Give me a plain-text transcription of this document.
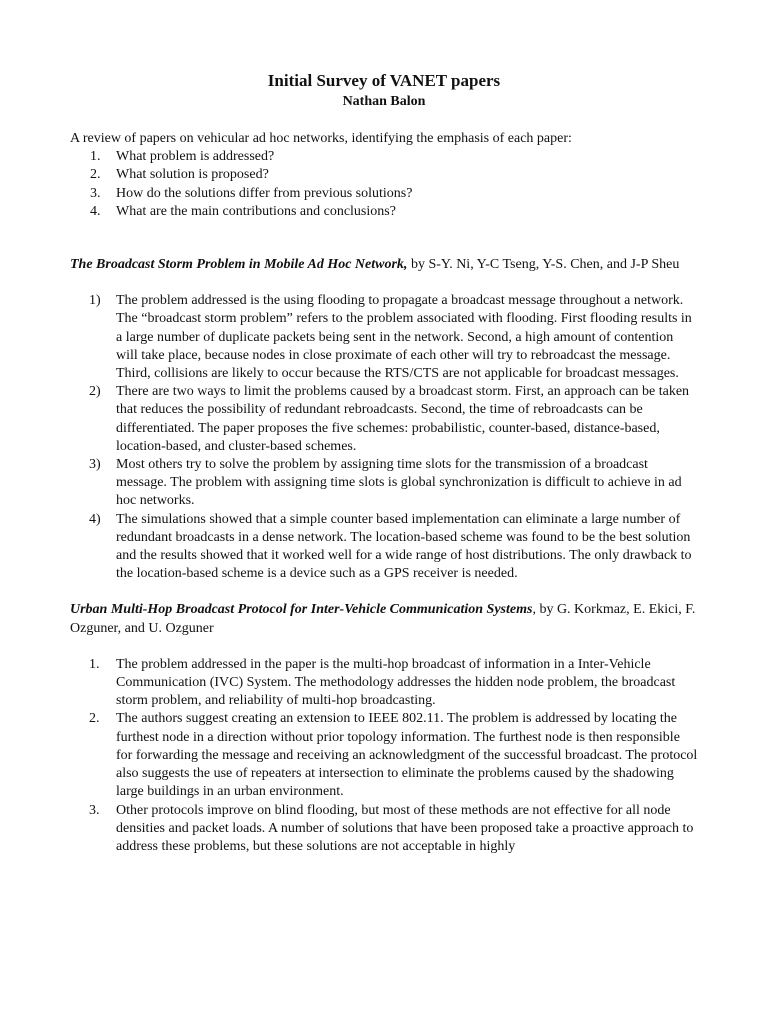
Initial Survey of VANET papers
Nathan Balon

A review of papers on vehicular ad hoc networks, identifying the emphasis of each paper:

1.	What problem is addressed?
2.	What solution is proposed?
3.	How do the solutions differ from previous solutions?
4.	What are the main contributions and conclusions?

The Broadcast Storm Problem in Mobile Ad Hoc Network, by S-Y. Ni, Y-C Tseng, Y-S. Chen, and J-P Sheu

1)	The problem addressed is the using flooding to propagate a broadcast message throughout a network. The “broadcast storm problem” refers to the problem associated with flooding. First flooding results in a large number of duplicate packets being sent in the network. Second, a high amount of contention will take place, because nodes in close proximate of each other will try to rebroadcast the message. Third, collisions are likely to occur because the RTS/CTS are not applicable for broadcast messages.
2)	There are two ways to limit the problems caused by a broadcast storm. First, an approach can be taken that reduces the possibility of redundant rebroadcasts. Second, the time of rebroadcasts can be differentiated. The paper proposes the five schemes: probabilistic, counter-based, distance-based, location-based, and cluster-based schemes.
3)	Most others try to solve the problem by assigning time slots for the transmission of a broadcast message. The problem with assigning time slots is global synchronization is difficult to achieve in ad hoc networks.
4)	The simulations showed that a simple counter based implementation can eliminate a large number of redundant broadcasts in a dense network. The location-based scheme was found to be the best solution and the results showed that it worked well for a wide range of host distributions. The only drawback to the location-based scheme is a device such as a GPS receiver is needed.

Urban Multi-Hop Broadcast Protocol for Inter-Vehicle Communication Systems, by G. Korkmaz, E. Ekici, F. Ozguner, and U. Ozguner

1.	The problem addressed in the paper is the multi-hop broadcast of information in a Inter-Vehicle Communication (IVC) System. The methodology addresses the hidden node problem, the broadcast storm problem, and reliability of multi-hop broadcasting.
2.	The authors suggest creating an extension to IEEE 802.11. The problem is addressed by locating the furthest node in a direction without prior topology information. The furthest node is then responsible for forwarding the message and receiving an acknowledgment of the successful broadcast. The protocol also suggests the use of repeaters at intersection to eliminate the problems caused by the shadowing large buildings in an urban environment.
3.	Other protocols improve on blind flooding, but most of these methods are not effective for all node densities and packet loads. A number of solutions that have been proposed take a proactive approach to address these problems, but these solutions are not acceptable in highly
